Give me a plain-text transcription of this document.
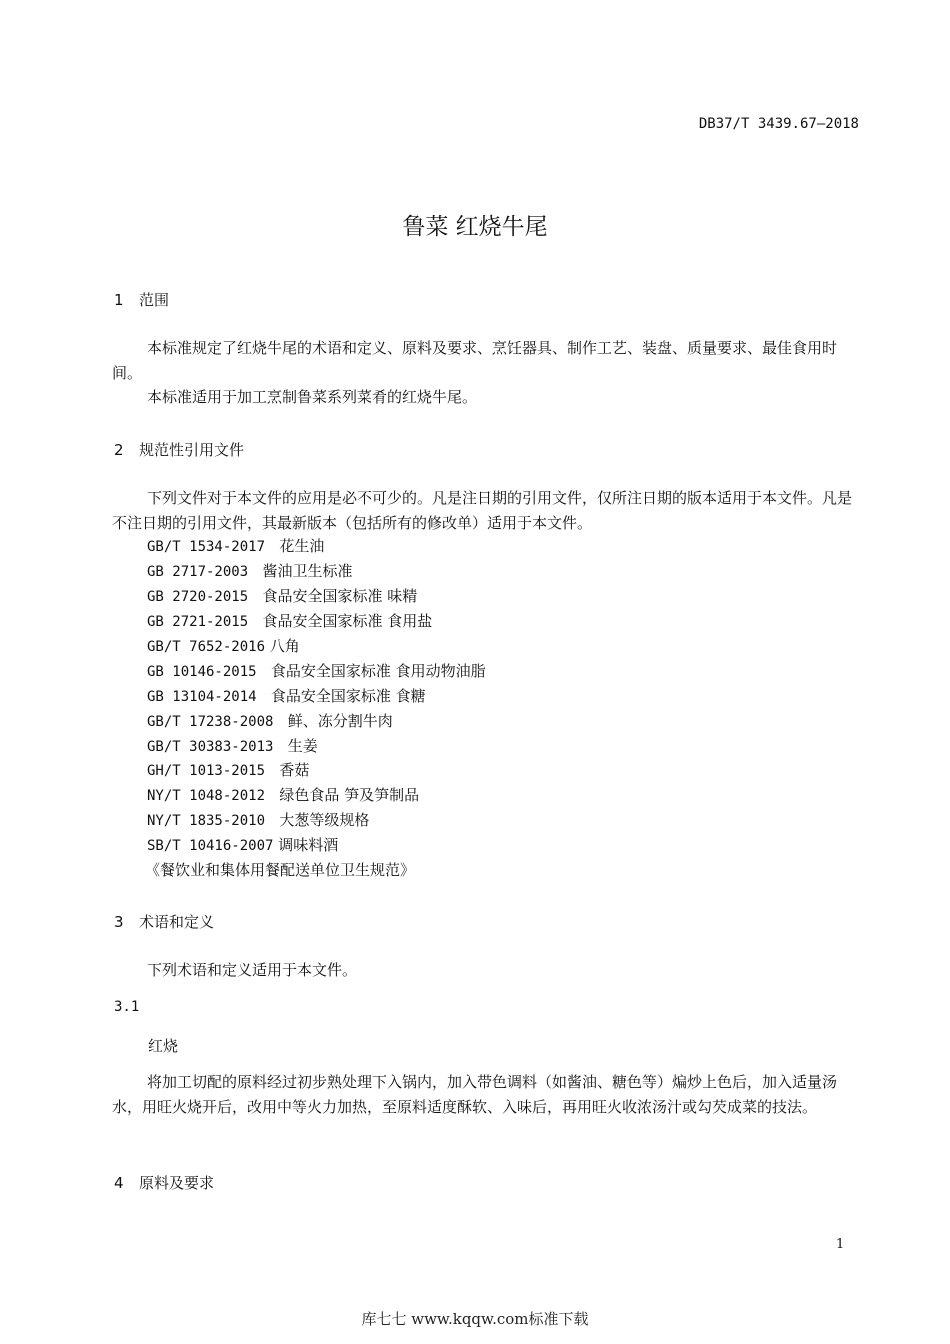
DB37/T 3439.67—2018
鲁菜 红烧牛尾
1 范围
本标准规定了红烧牛尾的术语和定义、原料及要求、烹饪器具、制作工艺、装盘、质量要求、最佳食用时间。
本标准适用于加工烹制鲁菜系列菜肴的红烧牛尾。
2 规范性引用文件
下列文件对于本文件的应用是必不可少的。凡是注日期的引用文件，仅所注日期的版本适用于本文件。凡是不注日期的引用文件，其最新版本（包括所有的修改单）适用于本文件。
GB/T 1534-2017 花生油
GB 2717-2003 酱油卫生标准
GB 2720-2015 食品安全国家标准 味精
GB 2721-2015 食品安全国家标准 食用盐
GB/T 7652-2016 八角
GB 10146-2015 食品安全国家标准 食用动物油脂
GB 13104-2014 食品安全国家标准 食糖
GB/T 17238-2008 鲜、冻分割牛肉
GB/T 30383-2013 生姜
GH/T 1013-2015 香菇
NY/T 1048-2012 绿色食品 笋及笋制品
NY/T 1835-2010 大葱等级规格
SB/T 10416-2007 调味料酒
《餐饮业和集体用餐配送单位卫生规范》
3 术语和定义
下列术语和定义适用于本文件。
3.1
红烧
将加工切配的原料经过初步熟处理下入锅内，加入带色调料（如酱油、糖色等）煸炒上色后，加入适量汤水，用旺火烧开后，改用中等火力加热，至原料适度酥软、入味后，再用旺火收浓汤汁或勾芡成菜的技法。
4 原料及要求
1
库七七 www.kqqw.com标准下载
